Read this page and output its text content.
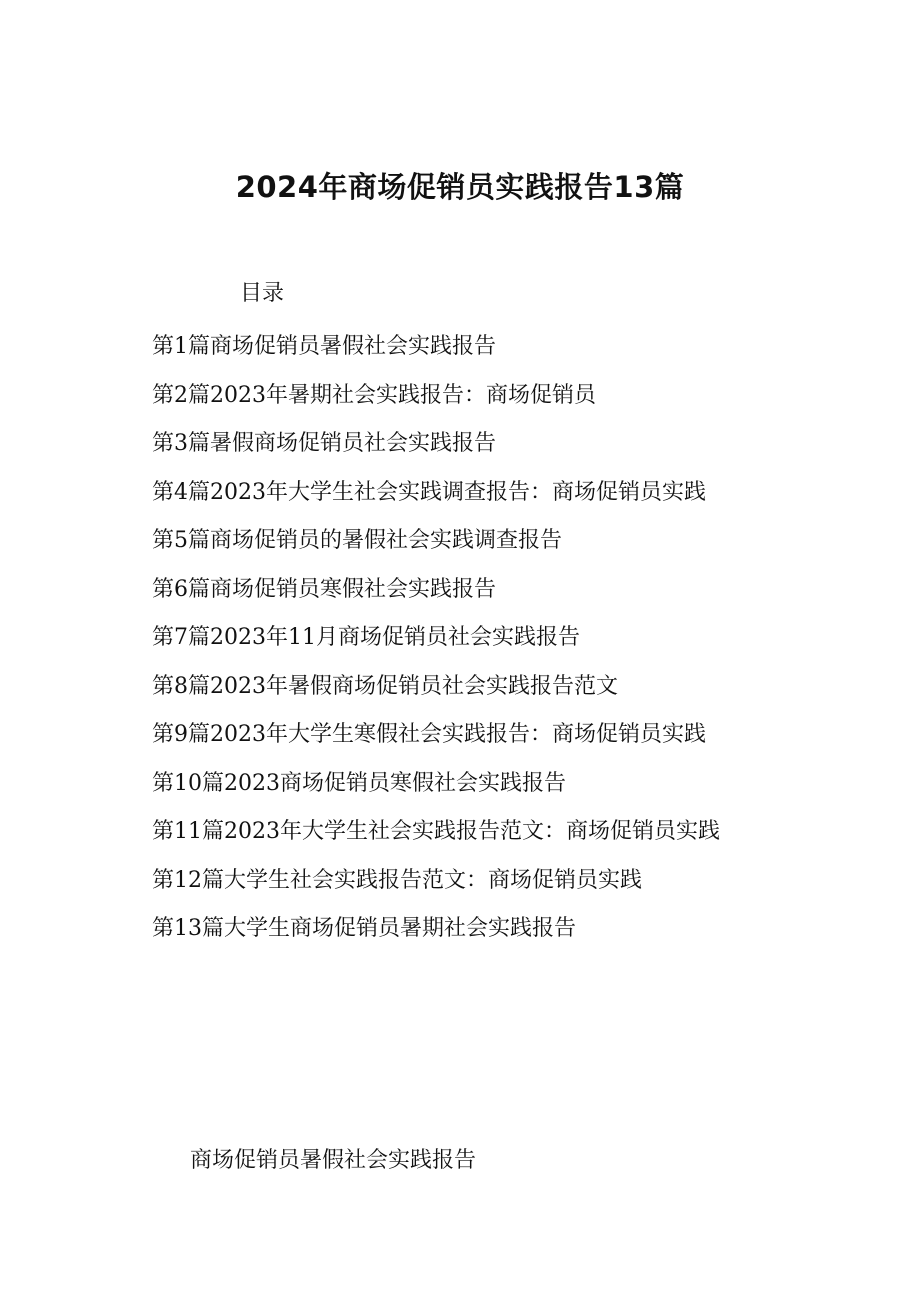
2024年商场促销员实践报告13篇
目录
第1篇商场促销员暑假社会实践报告
第2篇2023年暑期社会实践报告：商场促销员
第3篇暑假商场促销员社会实践报告
第4篇2023年大学生社会实践调查报告：商场促销员实践
第5篇商场促销员的暑假社会实践调查报告
第6篇商场促销员寒假社会实践报告
第7篇2023年11月商场促销员社会实践报告
第8篇2023年暑假商场促销员社会实践报告范文
第9篇2023年大学生寒假社会实践报告：商场促销员实践
第10篇2023商场促销员寒假社会实践报告
第11篇2023年大学生社会实践报告范文：商场促销员实践
第12篇大学生社会实践报告范文：商场促销员实践
第13篇大学生商场促销员暑期社会实践报告
商场促销员暑假社会实践报告
